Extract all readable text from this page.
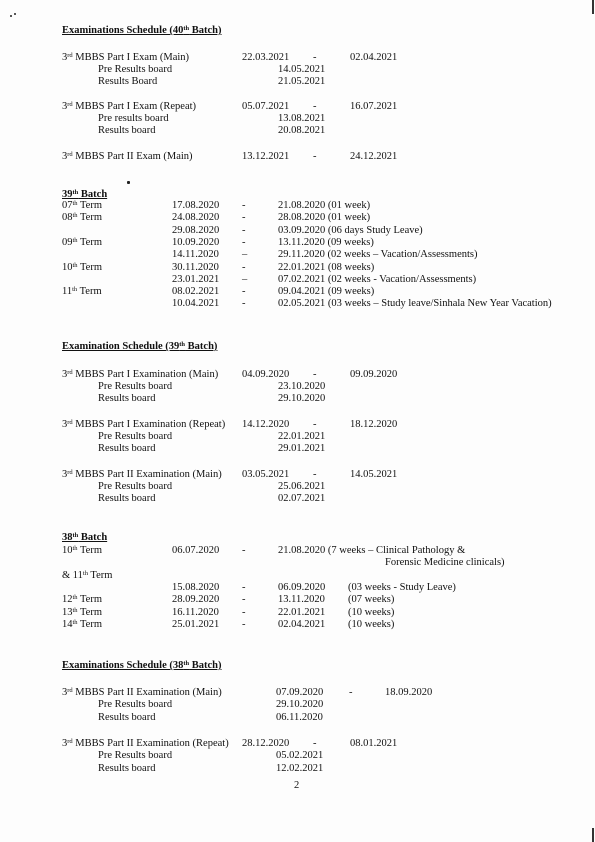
Examinations Schedule (40th Batch)
3rd MBBS Part I Exam (Main)	22.03.2021 -	02.04.2021
Pre Results board	14.05.2021
Results Board	21.05.2021
3rd MBBS Part I Exam (Repeat)	05.07.2021 -	16.07.2021
Pre results board	13.08.2021
Results board	20.08.2021
3rd MBBS Part II Exam (Main)	13.12.2021 -	24.12.2021
39th Batch
07th Term	17.08.2020 -	21.08.2020 (01 week)
08th Term	24.08.2020 -	28.08.2020 (01 week)
29.08.2020 -	03.09.2020 (06 days Study Leave)
09th Term	10.09.2020 -	13.11.2020 (09 weeks)
14.11.2020 –	29.11.2020 (02 weeks – Vacation/Assessments)
10th Term	30.11.2020 -	22.01.2021 (08 weeks)
23.01.2021 –	07.02.2021 (02 weeks - Vacation/Assessments)
11th Term	08.02.2021 -	09.04.2021 (09 weeks)
10.04.2021 -	02.05.2021 (03 weeks – Study leave/Sinhala New Year Vacation)
Examination Schedule (39th Batch)
3rd MBBS Part I Examination (Main) 04.09.2020 -	09.09.2020
Pre Results board	23.10.2020
Results board	29.10.2020
3rd MBBS Part I Examination (Repeat) 14.12.2020 -	18.12.2020
Pre Results board	22.01.2021
Results board	29.01.2021
3rd MBBS Part II Examination (Main) 03.05.2021 -	14.05.2021
Pre Results board	25.06.2021
Results board	02.07.2021
38th Batch
10th Term	06.07.2020 -	21.08.2020 (7 weeks – Clinical Pathology &
Forensic Medicine clinicals)
& 11th Term
15.08.2020 -	06.09.2020 (03 weeks - Study Leave)
12th Term	28.09.2020 -	13.11.2020 (07 weeks)
13th Term	16.11.2020 -	22.01.2021 (10 weeks)
14th Term	25.01.2021 -	02.04.2021 (10 weeks)
Examinations Schedule (38th Batch)
3rd MBBS Part II Examination (Main)	07.09.2020 -	18.09.2020
Pre Results board	29.10.2020
Results board	06.11.2020
3rd MBBS Part II Examination (Repeat) 28.12.2020 -	08.01.2021
Pre Results board	05.02.2021
Results board	12.02.2021
2
